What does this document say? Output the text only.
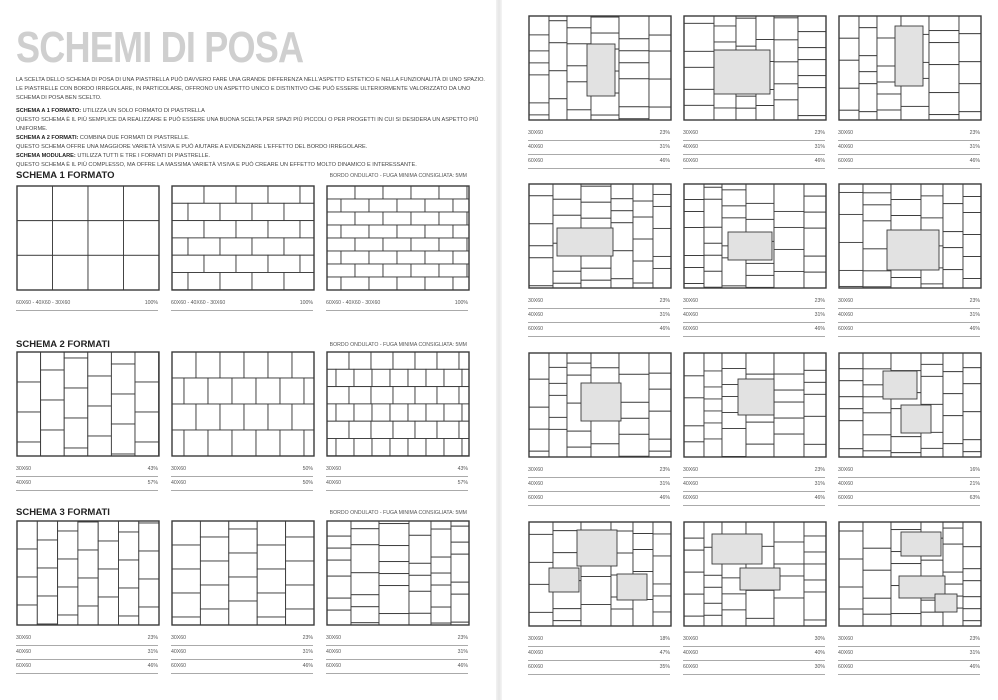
SCHEMI DI POSA

LA SCELTA DELLO SCHEMA DI POSA DI UNA PIASTRELLA PUÒ DAVVERO FARE UNA GRANDE DIFFERENZA NELL'ASPETTO ESTETICO E NELLA FUNZIONALITÀ DI UNO SPAZIO. LE PIASTRELLE CON BORDO IRREGOLARE, IN PARTICOLARE, OFFRONO UN ASPETTO UNICO E DISTINTIVO CHE PUÒ ESSERE ULTERIORMENTE VALORIZZATO DA UNO SCHEMA DI POSA BEN SCELTO.

SCHEMA A 1 FORMATO: UTILIZZA UN SOLO FORMATO DI PIASTRELLA

QUESTO SCHEMA È IL PIÙ SEMPLICE DA REALIZZARE E PUÒ ESSERE UNA BUONA SCELTA PER SPAZI PIÙ PICCOLI O PER PROGETTI IN CUI SI DESIDERA UN ASPETTO PIÙ UNIFORME.

SCHEMA A 2 FORMATI: COMBINA DUE FORMATI DI PIASTRELLE.

QUESTO SCHEMA OFFRE UNA MAGGIORE VARIETÀ VISIVA E PUÒ AIUTARE A EVIDENZIARE L'EFFETTO DEL BORDO IRREGOLARE.

SCHEMA MODULARE: UTILIZZA TUTTI E TRE I FORMATI DI PIASTRELLE.

QUESTO SCHEMA È IL PIÙ COMPLESSO, MA OFFRE LA MASSIMA VARIETÀ VISIVA E PUÒ CREARE UN EFFETTO MOLTO DINAMICO E INTERESSANTE.

SCHEMA 1 FORMATO	BORDO ONDULATO - FUGA MINIMA CONSIGLIATA: 5MM
SCHEMA 2 FORMATI	BORDO ONDULATO - FUGA MINIMA CONSIGLIATA: 5MM
SCHEMA 3 FORMATI	BORDO ONDULATO - FUGA MINIMA CONSIGLIATA: 5MM
60X60 - 40X60 - 30X60	100%	60X60 - 40X60 - 30X60	100%	60X60 - 40X60 - 30X60	100%
30X60	43%
40X60	57%
30X60	50%
40X60	50%
30X60	43%
40X60	57%
30X60	23%
40X60	31%
60X60	46%
30X60	23%
40X60	31%
60X60	46%
30X60	23%
40X60	31%
60X60	46%
30X60	23%
40X60	31%
60X60	46%
30X60	23%
40X60	31%
60X60	46%
30X60	23%
40X60	31%
60X60	46%
30X60	23%
40X60	31%
60X60	46%
30X60	23%
40X60	31%
60X60	46%
30X60	23%
40X60	31%
60X60	46%
30X60	23%
40X60	31%
60X60	46%
30X60	23%
40X60	31%
60X60	46%
30X60	16%
40X60	21%
60X60	63%
30X60	18%
40X60	47%
60X60	35%
30X60	30%
40X60	40%
60X60	30%
30X60	23%
40X60	31%
60X60	46%
